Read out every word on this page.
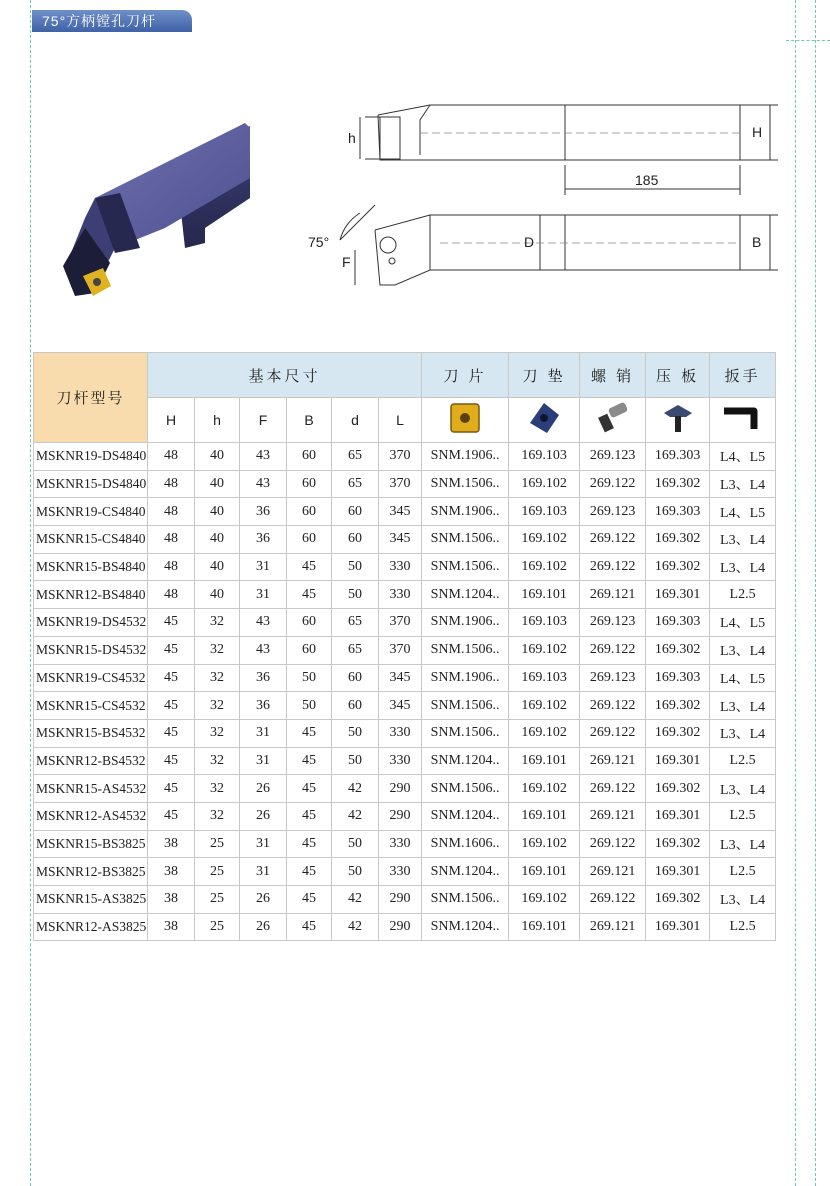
75°方柄镗孔刀杆
h	H
185
75°
F
D	B
刀杆型号	基本尺寸						刀 片	刀 垫	螺 销	压 板	扳手
	H	h	F	B	d	L					
MSKNR19-DS4840	48	40	43	60	65	370	SNM.1906..	169.103	269.123	169.303	L4、L5
MSKNR15-DS4840	48	40	43	60	65	370	SNM.1506..	169.102	269.122	169.302	L3、L4
MSKNR19-CS4840	48	40	36	60	60	345	SNM.1906..	169.103	269.123	169.303	L4、L5
MSKNR15-CS4840	48	40	36	60	60	345	SNM.1506..	169.102	269.122	169.302	L3、L4
MSKNR15-BS4840	48	40	31	45	50	330	SNM.1506..	169.102	269.122	169.302	L3、L4
MSKNR12-BS4840	48	40	31	45	50	330	SNM.1204..	169.101	269.121	169.301	L2.5
MSKNR19-DS4532	45	32	43	60	65	370	SNM.1906..	169.103	269.123	169.303	L4、L5
MSKNR15-DS4532	45	32	43	60	65	370	SNM.1506..	169.102	269.122	169.302	L3、L4
MSKNR19-CS4532	45	32	36	50	60	345	SNM.1906..	169.103	269.123	169.303	L4、L5
MSKNR15-CS4532	45	32	36	50	60	345	SNM.1506..	169.102	269.122	169.302	L3、L4
MSKNR15-BS4532	45	32	31	45	50	330	SNM.1506..	169.102	269.122	169.302	L3、L4
MSKNR12-BS4532	45	32	31	45	50	330	SNM.1204..	169.101	269.121	169.301	L2.5
MSKNR15-AS4532	45	32	26	45	42	290	SNM.1506..	169.102	269.122	169.302	L3、L4
MSKNR12-AS4532	45	32	26	45	42	290	SNM.1204..	169.101	269.121	169.301	L2.5
MSKNR15-BS3825	38	25	31	45	50	330	SNM.1606..	169.102	269.122	169.302	L3、L4
MSKNR12-BS3825	38	25	31	45	50	330	SNM.1204..	169.101	269.121	169.301	L2.5
MSKNR15-AS3825	38	25	26	45	42	290	SNM.1506..	169.102	269.122	169.302	L3、L4
MSKNR12-AS3825	38	25	26	45	42	290	SNM.1204..	169.101	269.121	169.301	L2.5
